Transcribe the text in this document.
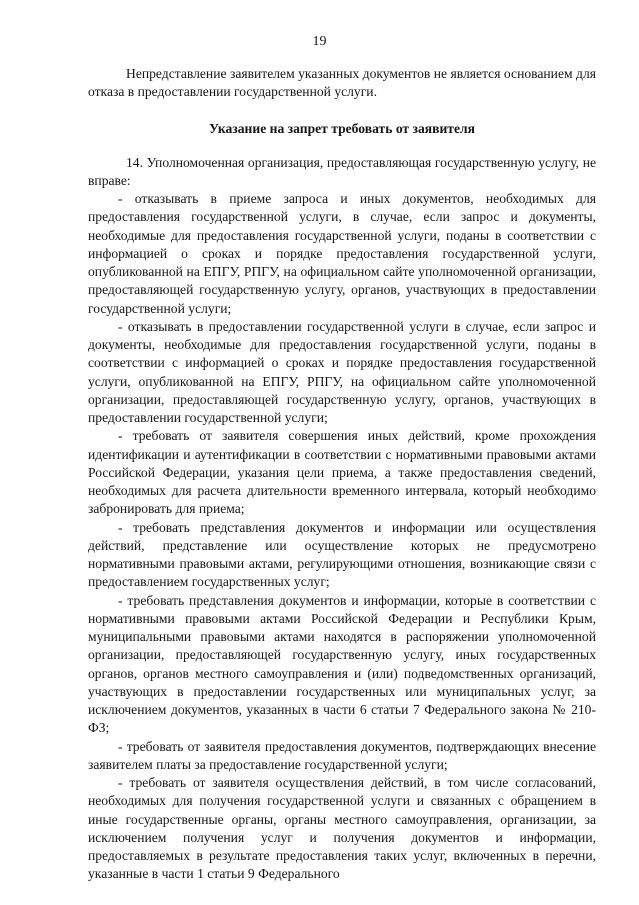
19

Непредставление заявителем указанных документов не является основанием для отказа в предоставлении государственной услуги.

Указание на запрет требовать от заявителя

14. Уполномоченная организация, предоставляющая государственную услугу, не вправе:

- отказывать в приеме запроса и иных документов, необходимых для предоставления государственной услуги, в случае, если запрос и документы, необходимые для предоставления государственной услуги, поданы в соответствии с информацией о сроках и порядке предоставления государственной услуги, опубликованной на ЕПГУ, РПГУ, на официальном сайте уполномоченной организации, предоставляющей государственную услугу, органов, участвующих в предоставлении государственной услуги;

- отказывать в предоставлении государственной услуги в случае, если запрос и документы, необходимые для предоставления государственной услуги, поданы в соответствии с информацией о сроках и порядке предоставления государственной услуги, опубликованной на ЕПГУ, РПГУ, на официальном сайте уполномоченной организации, предоставляющей государственную услугу, органов, участвующих в предоставлении государственной услуги;

- требовать от заявителя совершения иных действий, кроме прохождения идентификации и аутентификации в соответствии с нормативными правовыми актами Российской Федерации, указания цели приема, а также предоставления сведений, необходимых для расчета длительности временного интервала, который необходимо забронировать для приема;

- требовать представления документов и информации или осуществления действий, представление или осуществление которых не предусмотрено нормативными правовыми актами, регулирующими отношения, возникающие связи с предоставлением государственных услуг;

- требовать представления документов и информации, которые в соответствии с нормативными правовыми актами Российской Федерации и Республики Крым, муниципальными правовыми актами находятся в распоряжении уполномоченной организации, предоставляющей государственную услугу, иных государственных органов, органов местного самоуправления и (или) подведомственных организаций, участвующих в предоставлении государственных или муниципальных услуг, за исключением документов, указанных в части 6 статьи 7 Федерального закона № 210-ФЗ;

- требовать от заявителя предоставления документов, подтверждающих внесение заявителем платы за предоставление государственной услуги;

- требовать от заявителя осуществления действий, в том числе согласований, необходимых для получения государственной услуги и связанных с обращением в иные государственные органы, органы местного самоуправления, организации, за исключением получения услуг и получения документов и информации, предоставляемых в результате предоставления таких услуг, включенных в перечни, указанные в части 1 статьи 9 Федерального
